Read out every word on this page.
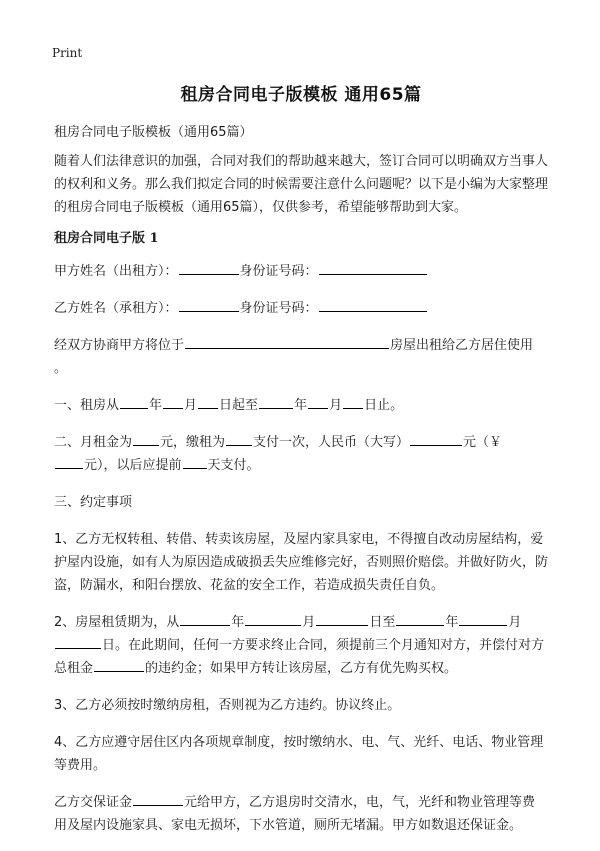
Print
租房合同电子版模板 通用65篇

租房合同电子版模板（通用65篇）

随着人们法律意识的加强，合同对我们的帮助越来越大，签订合同可以明确双方当事人的权利和义务。那么我们拟定合同的时候需要注意什么问题呢？以下是小编为大家整理的租房合同电子版模板（通用65篇），仅供参考，希望能够帮助到大家。

租房合同电子版 1

甲方姓名（出租方）：	身份证号码：

乙方姓名（承租方）：	身份证号码：

经双方协商甲方将位于	房屋出租给乙方居住使用
。

一、租房从 年 月 日起至	年 月 日止。

二、月租金为 元，缴租为 支付一次，人民币（大写）	元（￥
元），以后应提前 天支付。

三、约定事项

1、乙方无权转租、转借、转卖该房屋，及屋内家具家电，不得擅自改动房屋结构，爱护屋内设施，如有人为原因造成破损丢失应维修完好，否则照价赔偿。并做好防火，防盗，防漏水，和阳台摆放、花盆的安全工作，若造成损失责任自负。

2、房屋租赁期为，从	年	月	日至	年	月
日。在此期间，任何一方要求终止合同，须提前三个月通知对方，并偿付对方总租金	的违约金；如果甲方转让该房屋，乙方有优先购买权。

3、乙方必须按时缴纳房租，否则视为乙方违约。协议终止。

4、乙方应遵守居住区内各项规章制度，按时缴纳水、电、气、光纤、电话、物业管理等费用。

乙方交保证金	元给甲方，乙方退房时交清水，电，气，光纤和物业管理等费用及屋内设施家具、家电无损坏，下水管道，厕所无堵漏。甲方如数退还保证金。
